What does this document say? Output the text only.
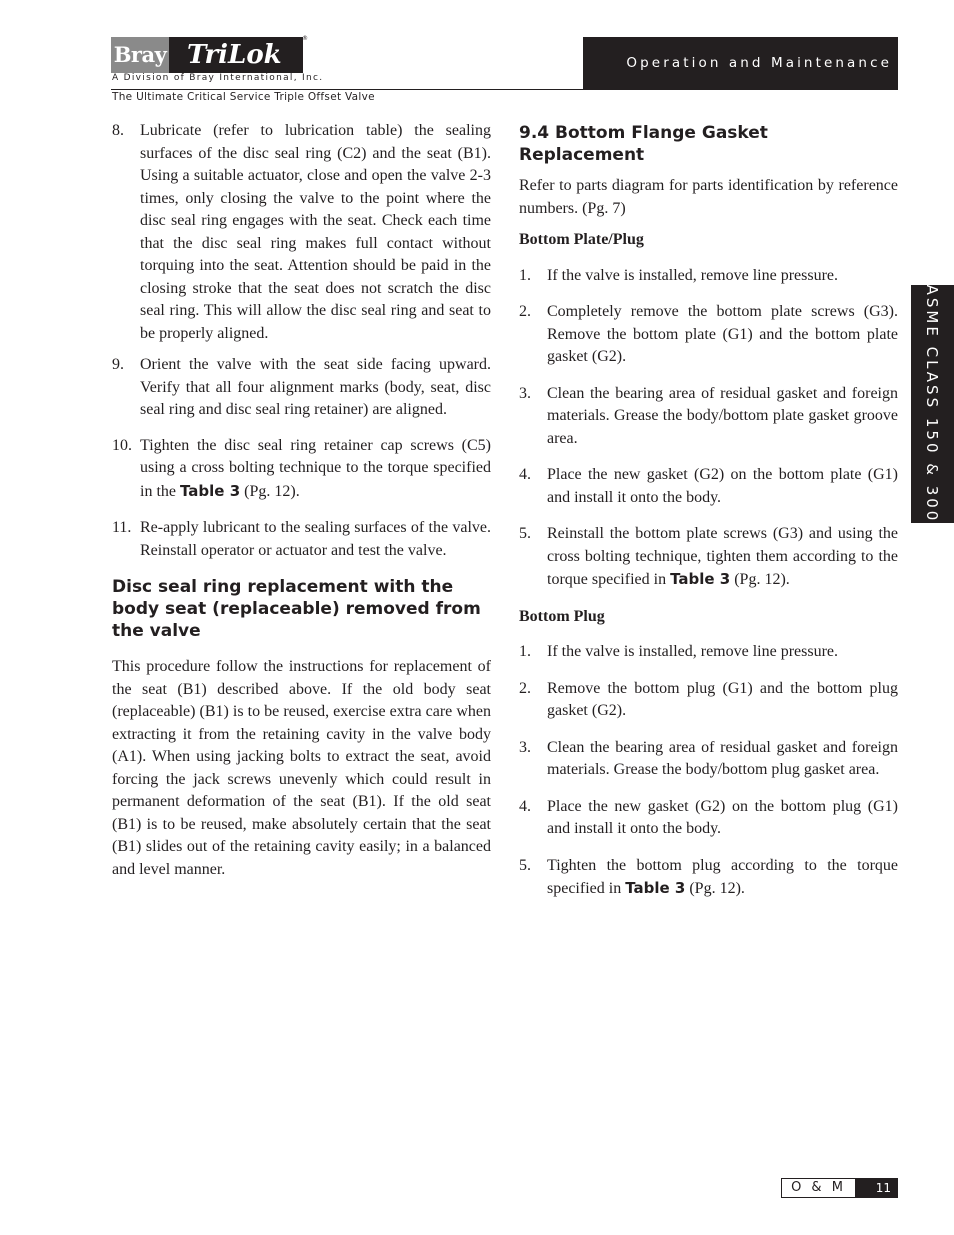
Bray TriLok
®
A Division of Bray International, Inc.
The Ultimate Critical Service Triple Offset Valve
Operation and Maintenance Manual
ASME CLASS 150 & 300
8. Lubricate (refer to lubrication table) the sealing surfaces of the disc seal ring (C2) and the seat (B1). Using a suitable actuator, close and open the valve 2-3 times, only closing the valve to the point where the disc seal ring engages with the seat. Check each time that the disc seal ring makes full contact without torquing into the seat. Attention should be paid in the closing stroke that the seat does not scratch the disc seal ring. This will allow the disc seal ring and seat to be properly aligned.
9. Orient the valve with the seat side facing upward. Verify that all four alignment marks (body, seat, disc seal ring and disc seal ring retainer) are aligned.
10. Tighten the disc seal ring retainer cap screws (C5) using a cross bolting technique to the torque specified in the Table 3 (Pg. 12).
11. Re-apply lubricant to the sealing surfaces of the valve. Reinstall operator or actuator and test the valve.
Disc seal ring replacement with the body seat (replaceable) removed from the valve

This procedure follow the instructions for replacement of the seat (B1) described above. If the old body seat (replaceable) (B1) is to be reused, exercise extra care when extracting it from the retaining cavity in the valve body (A1). When using jacking bolts to extract the seat, avoid forcing the jack screws unevenly which could result in permanent deformation of the seat (B1). If the old seat (B1) is to be reused, make absolutely certain that the seat (B1) slides out of the retaining cavity easily; in a balanced and level manner.

9.4 Bottom Flange Gasket Replacement

Refer to parts diagram for parts identification by reference numbers. (Pg. 7)

Bottom Plate/Plug
1. If the valve is installed, remove line pressure.
2. Completely remove the bottom plate screws (G3). Remove the bottom plate (G1) and the bottom plate gasket (G2).
3. Clean the bearing area of residual gasket and foreign materials. Grease the body/bottom plate gasket groove area.
4. Place the new gasket (G2) on the bottom plate (G1) and install it onto the body.
5. Reinstall the bottom plate screws (G3) and using the cross bolting technique, tighten them according to the torque specified in Table 3 (Pg. 12).
Bottom Plug
1. If the valve is installed, remove line pressure.
2. Remove the bottom plug (G1) and the bottom plug gasket (G2).
3. Clean the bearing area of residual gasket and foreign materials. Grease the body/bottom plug gasket area.
4. Place the new gasket (G2) on the bottom plug (G1) and install it onto the body.
5. Tighten the bottom plug according to the torque specified in Table 3 (Pg. 12).
O & M	11
